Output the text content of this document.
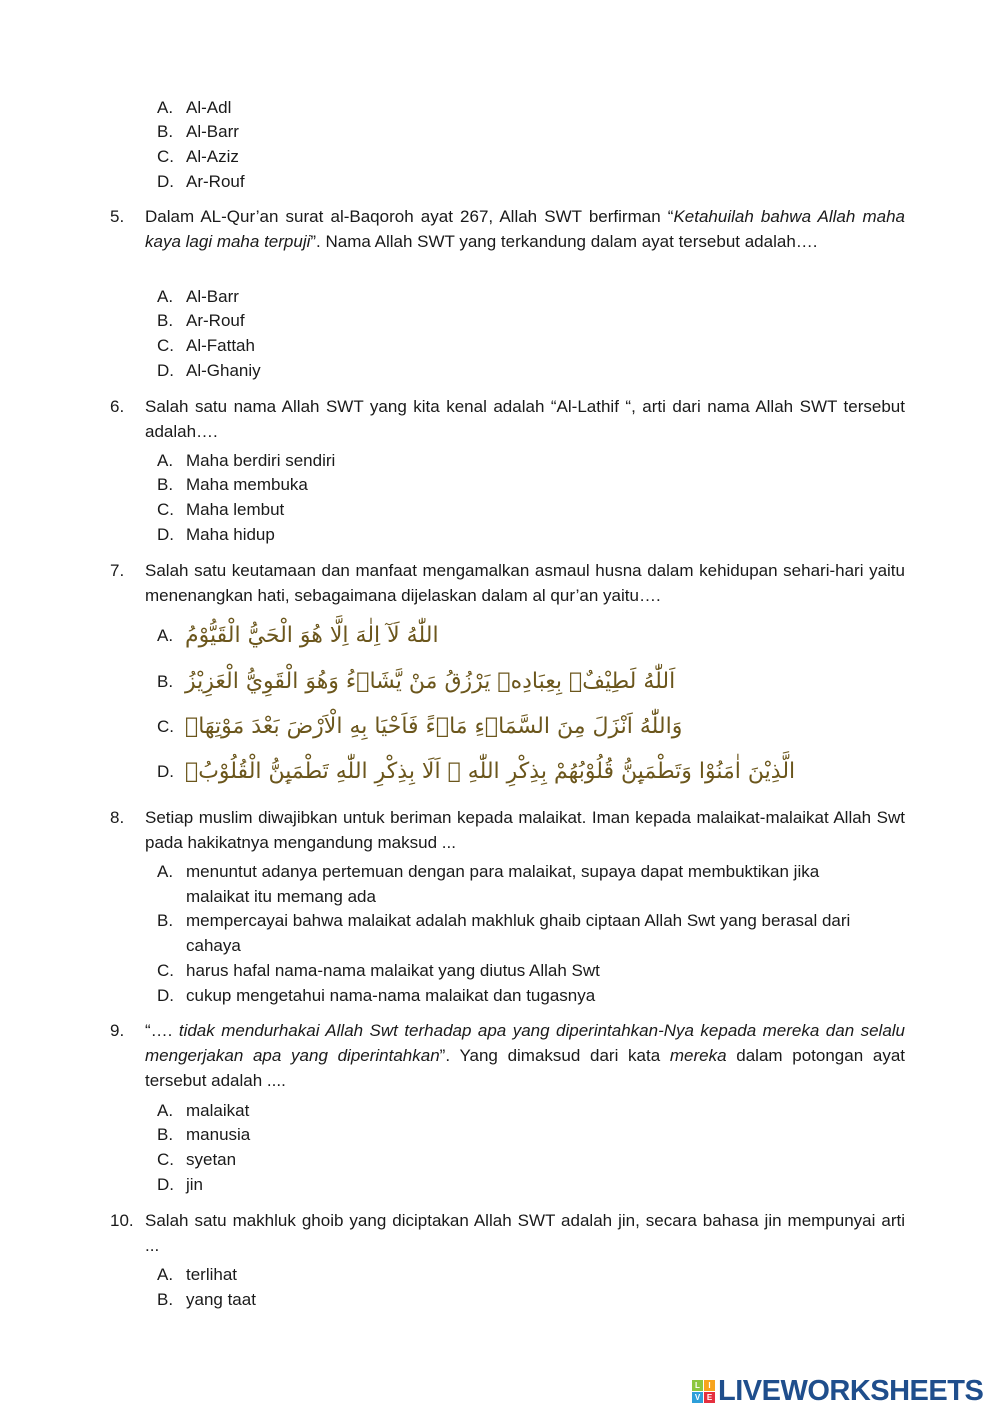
A. Al-Adl
B. Al-Barr
C. Al-Aziz
D. Ar-Rouf
5. Dalam AL-Qur’an surat al-Baqoroh ayat 267, Allah SWT berfirman “Ketahuilah bahwa Allah maha kaya lagi maha terpuji”. Nama Allah SWT yang terkandung dalam ayat tersebut adalah….
A. Al-Barr
B. Ar-Rouf
C. Al-Fattah
D. Al-Ghaniy
6. Salah satu nama Allah SWT yang kita kenal adalah “Al-Lathif “, arti dari nama Allah SWT tersebut adalah….
A. Maha berdiri sendiri
B. Maha membuka
C. Maha lembut
D. Maha hidup
7. Salah satu keutamaan dan manfaat mengamalkan asmaul husna dalam kehidupan sehari-hari yaitu menenangkan hati, sebagaimana dijelaskan dalam al qur’an yaitu….
A. اللّٰهُ لَآ اِلٰهَ اِلَّا هُوَ الْحَيُّ الْقَيُّوْمُ
B. اَللّٰهُ لَطِيْفٌۢ بِعِبَادِهٖ يَرْزُقُ مَنْ يَّشَاۤءُ وَهُوَ الْقَوِيُّ الْعَزِيْزُ
C. وَاللّٰهُ اَنْزَلَ مِنَ السَّمَاۤءِ مَاۤءً فَاَحْيَا بِهِ الْاَرْضَ بَعْدَ مَوْتِهَاۗ
D. الَّذِيْنَ اٰمَنُوْا وَتَطْمَىِٕنُّ قُلُوْبُهُمْ بِذِكْرِ اللّٰهِ ۗ اَلَا بِذِكْرِ اللّٰهِ تَطْمَىِٕنُّ الْقُلُوْبُۗ
8. Setiap muslim diwajibkan untuk beriman kepada malaikat. Iman kepada malaikat-malaikat Allah Swt pada hakikatnya mengandung maksud ...
A. menuntut adanya pertemuan dengan para malaikat, supaya dapat membuktikan jika malaikat itu memang ada
B. mempercayai bahwa malaikat adalah makhluk ghaib ciptaan Allah Swt yang berasal dari cahaya
C. harus hafal nama-nama malaikat yang diutus Allah Swt
D. cukup mengetahui nama-nama malaikat dan tugasnya
9. “…. tidak mendurhakai Allah Swt terhadap apa yang diperintahkan-Nya kepada mereka dan selalu mengerjakan apa yang diperintahkan”. Yang dimaksud dari kata mereka dalam potongan ayat tersebut adalah ....
A. malaikat
B. manusia
C. syetan
D. jin
10. Salah satu makhluk ghoib yang diciptakan Allah SWT adalah jin, secara bahasa jin mempunyai arti ...
A. terlihat
B. yang taat
L	I
V E LIVEWORKSHEETS
